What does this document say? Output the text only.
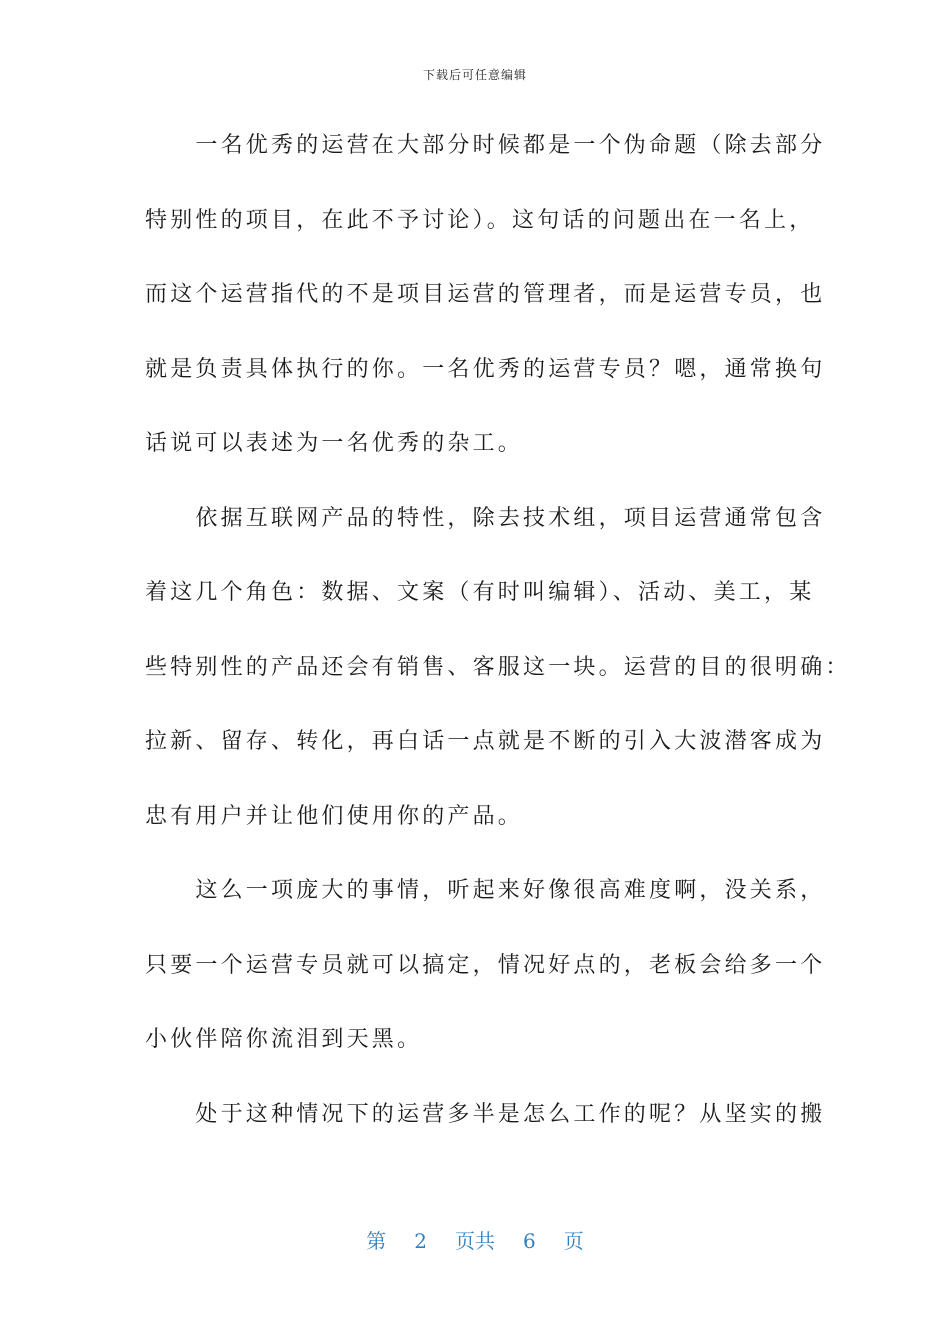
下载后可任意编辑
　　一名优秀的运营在大部分时候都是一个伪命题（除去部分
特别性的项目，在此不予讨论）。这句话的问题出在一名上，
而这个运营指代的不是项目运营的管理者，而是运营专员，也
就是负责具体执行的你。一名优秀的运营专员？嗯，通常换句
话说可以表述为一名优秀的杂工。
　　依据互联网产品的特性，除去技术组，项目运营通常包含
着这几个角色：数据、文案（有时叫编辑）、活动、美工，某
些特别性的产品还会有销售、客服这一块。运营的目的很明确：
拉新、留存、转化，再白话一点就是不断的引入大波潜客成为
忠有用户并让他们使用你的产品。
　　这么一项庞大的事情，听起来好像很高难度啊，没关系，
只要一个运营专员就可以搞定，情况好点的，老板会给多一个
小伙伴陪你流泪到天黑。
　　处于这种情况下的运营多半是怎么工作的呢？从坚实的搬
第 2 页共 6 页
